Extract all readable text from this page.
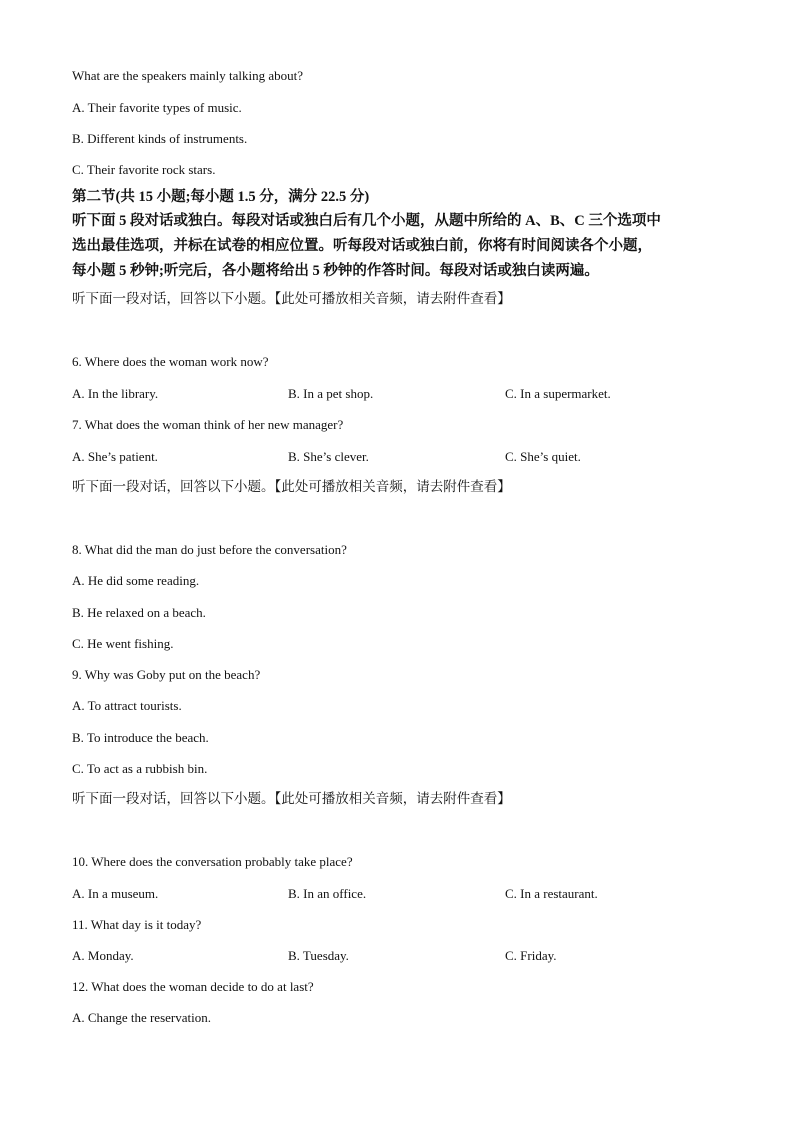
What are the speakers mainly talking about?
A. Their favorite types of music.
B. Different kinds of instruments.
C. Their favorite rock stars.
第二节(共 15 小题;每小题 1.5 分，满分 22.5 分)
听下面 5 段对话或独白。每段对话或独白后有几个小题，从题中所给的 A、B、C 三个选项中
选出最佳选项，并标在试卷的相应位置。听每段对话或独白前，你将有时间阅读各个小题，
每小题 5 秒钟;听完后，各小题将给出 5 秒钟的作答时间。每段对话或独白读两遍。
听下面一段对话，回答以下小题。【此处可播放相关音频，请去附件查看】
6. Where does the woman work now?
A. In the library.	B. In a pet shop.	C. In a supermarket.
7. What does the woman think of her new manager?
A. She’s patient.	B. She’s clever.	C. She’s quiet.
听下面一段对话，回答以下小题。【此处可播放相关音频，请去附件查看】
8. What did the man do just before the conversation?
A. He did some reading.
B. He relaxed on a beach.
C. He went fishing.
9. Why was Goby put on the beach?
A. To attract tourists.
B. To introduce the beach.
C. To act as a rubbish bin.
听下面一段对话，回答以下小题。【此处可播放相关音频，请去附件查看】
10. Where does the conversation probably take place?
A. In a museum.	B. In an office.	C. In a restaurant.
11. What day is it today?
A. Monday.	B. Tuesday.	C. Friday.
12. What does the woman decide to do at last?
A. Change the reservation.
